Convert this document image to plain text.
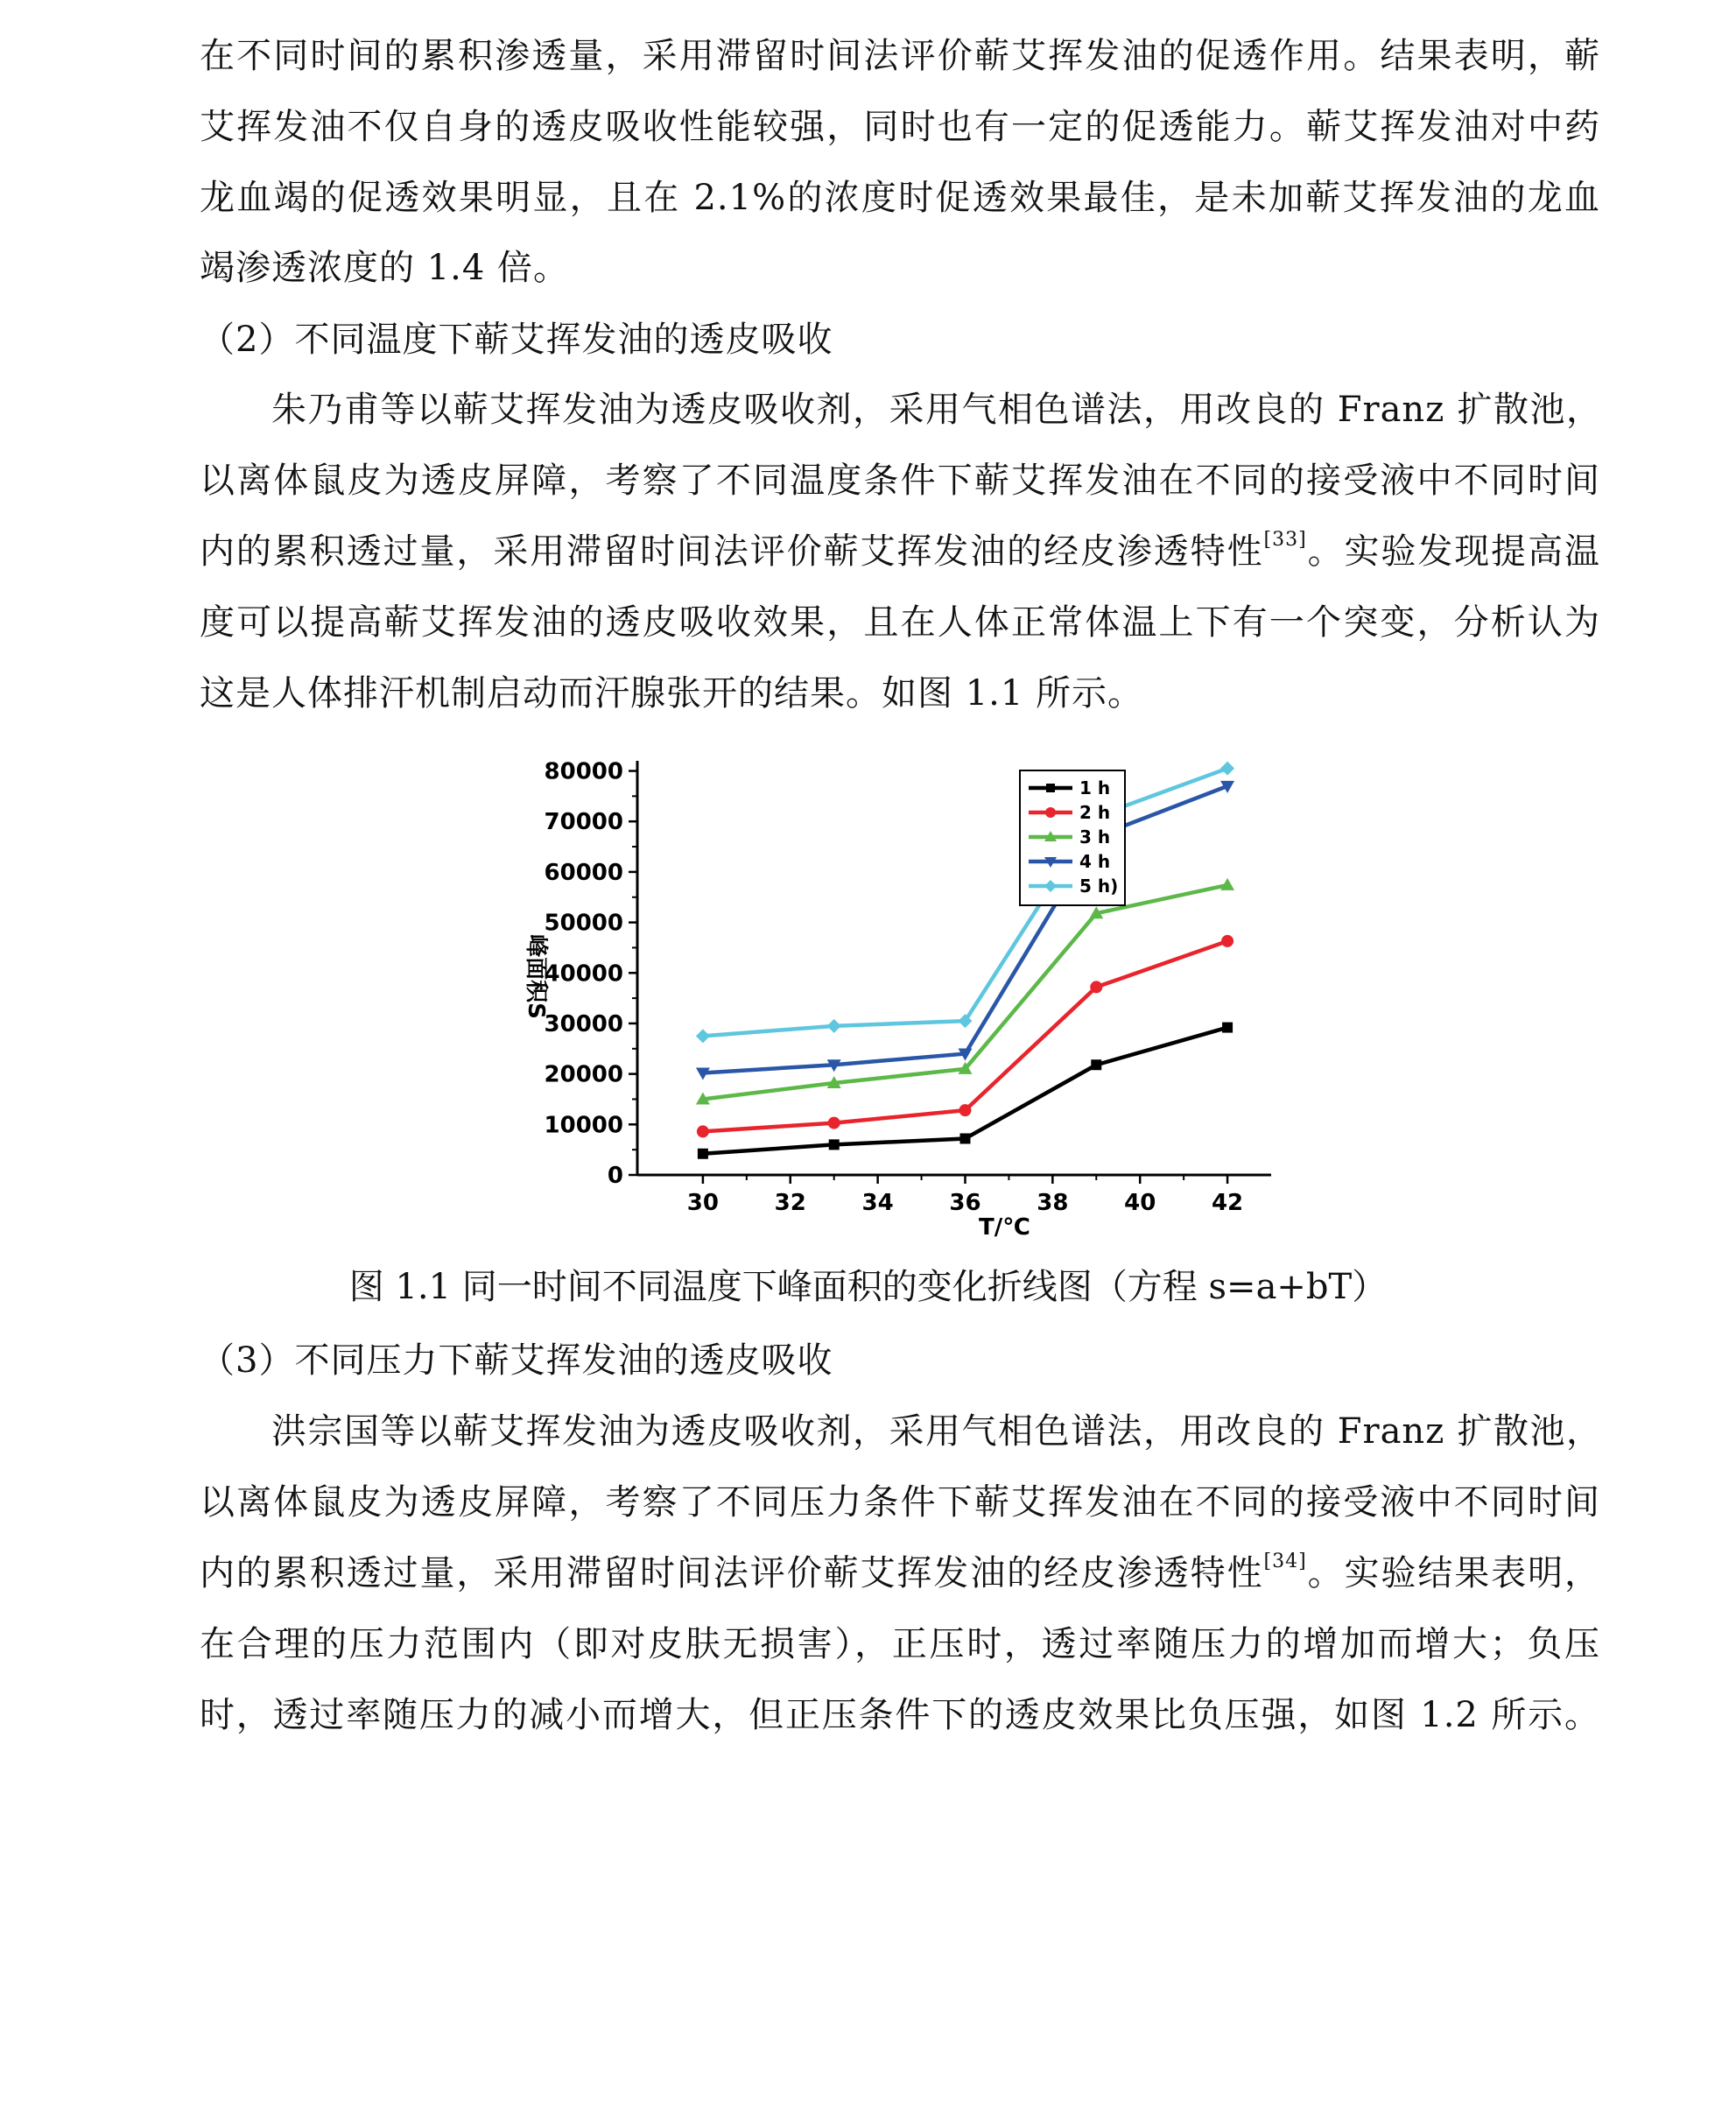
在不同时间的累积渗透量，采用滞留时间法评价蕲艾挥发油的促透作用。结果表明，蕲
艾挥发油不仅自身的透皮吸收性能较强，同时也有一定的促透能力。蕲艾挥发油对中药
龙血竭的促透效果明显，且在 2.1%的浓度时促透效果最佳，是未加蕲艾挥发油的龙血
竭渗透浓度的 1.4 倍。
（2）不同温度下蕲艾挥发油的透皮吸收
朱乃甫等以蕲艾挥发油为透皮吸收剂，采用气相色谱法，用改良的 Franz 扩散池，
以离体鼠皮为透皮屏障，考察了不同温度条件下蕲艾挥发油在不同的接受液中不同时间
内的累积透过量，采用滞留时间法评价蕲艾挥发油的经皮渗透特性[33]。实验发现提高温
度可以提高蕲艾挥发油的透皮吸收效果，且在人体正常体温上下有一个突变，分析认为
这是人体排汗机制启动而汗腺张开的结果。如图 1.1 所示。
0
10000
20000
30000
40000
50000
60000
70000
80000
30 32 34 36 38 40 42
T/℃
峰面积S
1 h
2 h
3 h
4 h
5 h)
图 1.1 同一时间不同温度下峰面积的变化折线图（方程 s=a+bT）
（3）不同压力下蕲艾挥发油的透皮吸收
洪宗国等以蕲艾挥发油为透皮吸收剂，采用气相色谱法，用改良的 Franz 扩散池，
以离体鼠皮为透皮屏障，考察了不同压力条件下蕲艾挥发油在不同的接受液中不同时间
内的累积透过量，采用滞留时间法评价蕲艾挥发油的经皮渗透特性[34]。实验结果表明，
在合理的压力范围内（即对皮肤无损害），正压时，透过率随压力的增加而增大；负压
时，透过率随压力的减小而增大，但正压条件下的透皮效果比负压强，如图 1.2 所示。
